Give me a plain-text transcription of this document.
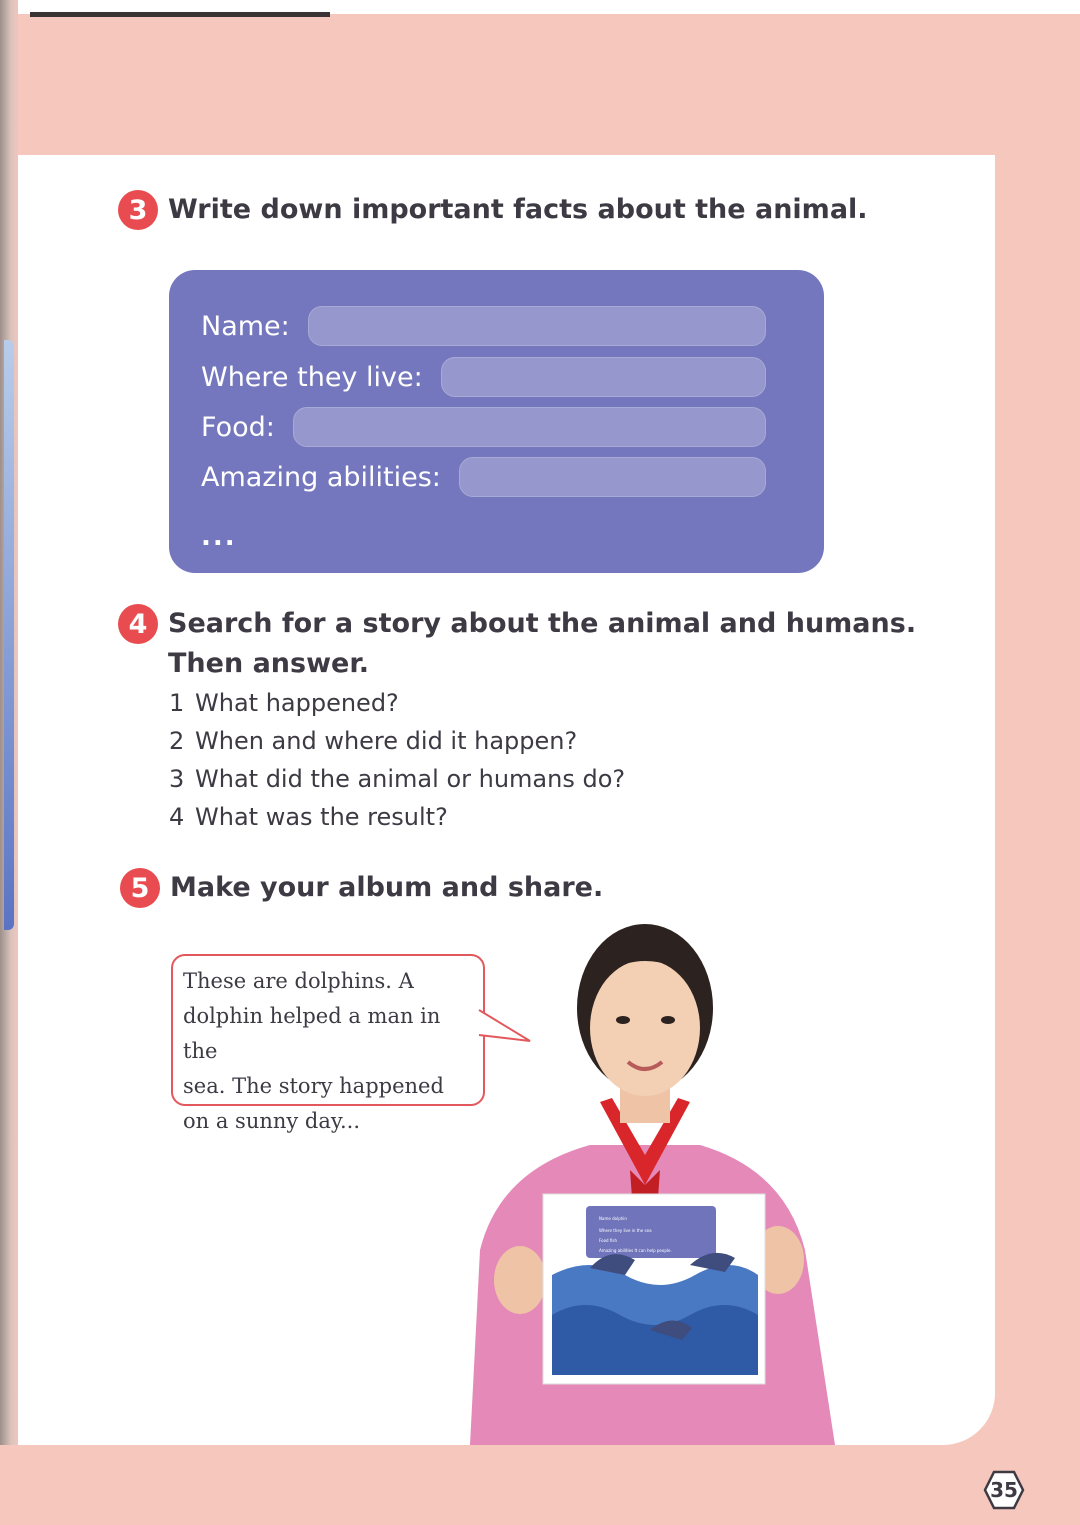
3 Write down important facts about the animal.
Name:
Where they live:
Food:
Amazing abilities:
...
4 Search for a story about the animal and humans.
Then answer.
1 What happened?
2 When and where did it happen?
3 What did the animal or humans do?
4 What was the result?
5 Make your album and share.
These are dolphins. A
dolphin helped a man in the
sea. The story happened
on a sunny day...
Name dolphin
Where they live in the sea
Food fish
Amazing abilities It can help people.
35
